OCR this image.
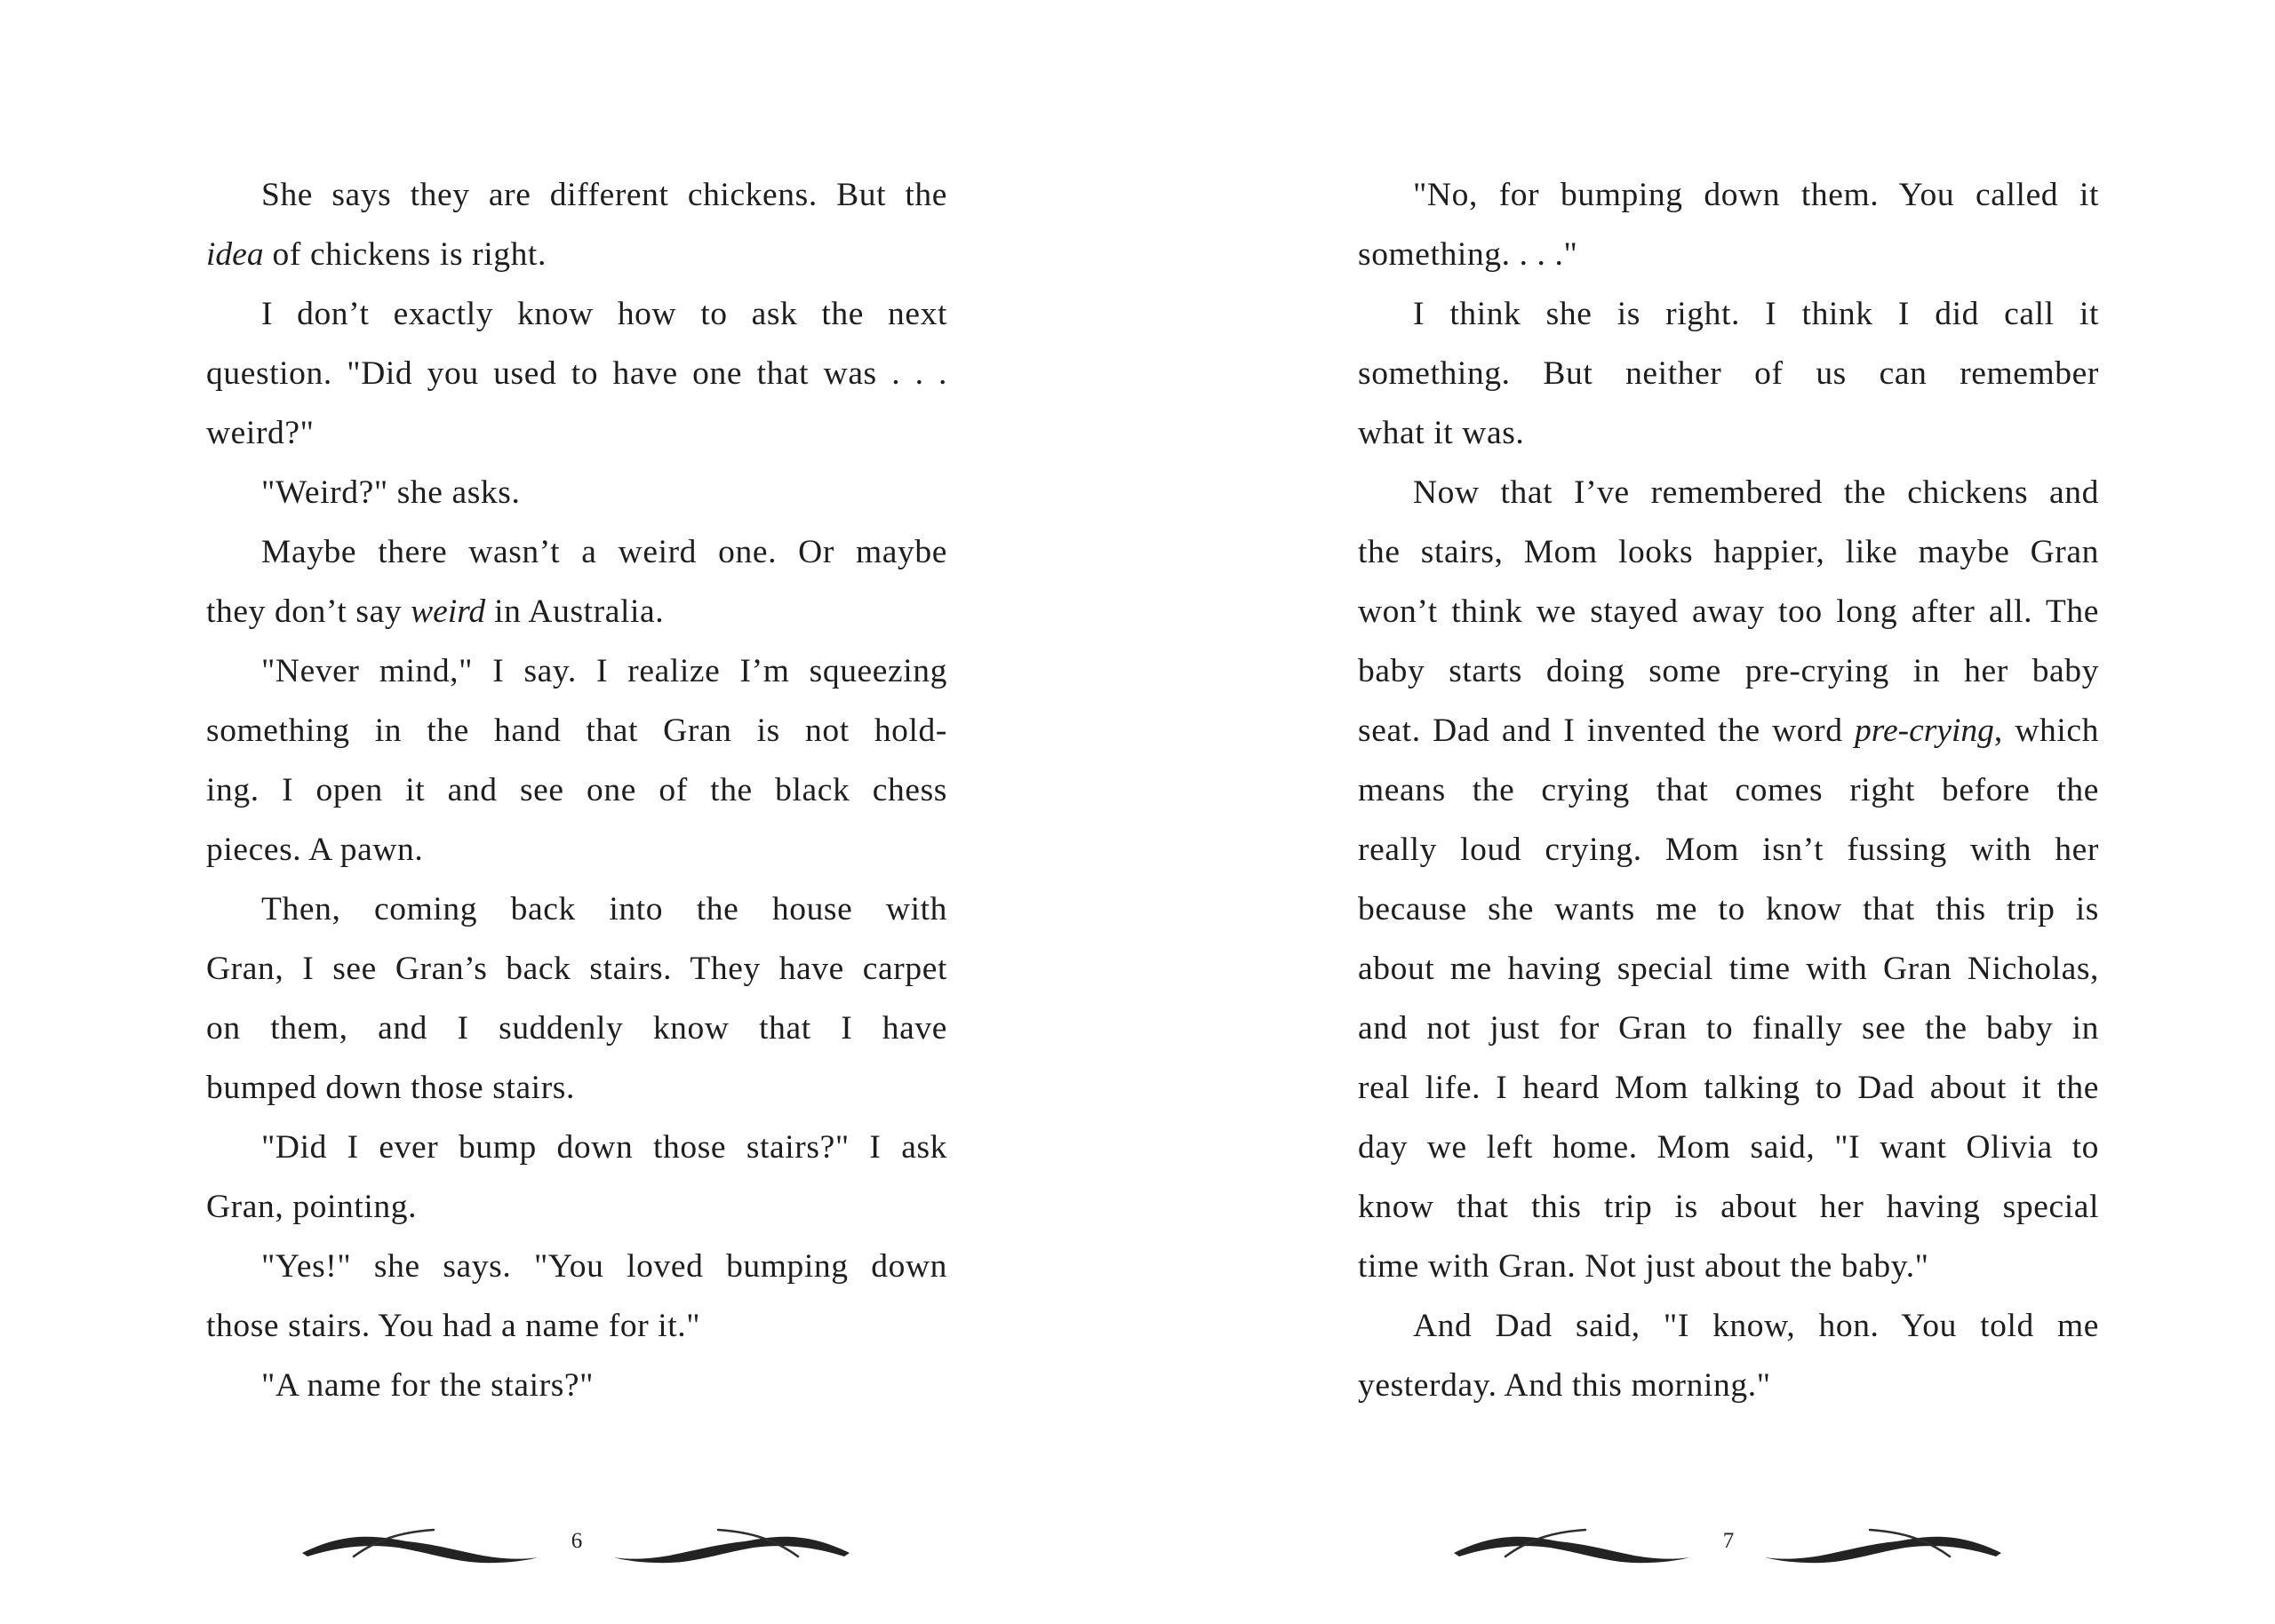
She says they are different chickens. But the
idea of chickens is right.
I don’t exactly know how to ask the next
question. "Did you used to have one that was . . .
weird?"
"Weird?" she asks.
Maybe there wasn’t a weird one. Or maybe
they don’t say weird in Australia.
"Never mind," I say. I realize I’m squeezing
something in the hand that Gran is not hold-
ing. I open it and see one of the black chess
pieces. A pawn.
Then, coming back into the house with
Gran, I see Gran’s back stairs. They have carpet
on them, and I suddenly know that I have
bumped down those stairs.
"Did I ever bump down those stairs?" I ask
Gran, pointing.
"Yes!" she says. "You loved bumping down
those stairs. You had a name for it."
"A name for the stairs?"
6
"No, for bumping down them. You called it
something. . . ."
I think she is right. I think I did call it
something. But neither of us can remember
what it was.
Now that I’ve remembered the chickens and
the stairs, Mom looks happier, like maybe Gran
won’t think we stayed away too long after all. The
baby starts doing some pre-crying in her baby
seat. Dad and I invented the word pre-crying, which
means the crying that comes right before the
really loud crying. Mom isn’t fussing with her
because she wants me to know that this trip is
about me having special time with Gran Nicholas,
and not just for Gran to finally see the baby in
real life. I heard Mom talking to Dad about it the
day we left home. Mom said, "I want Olivia to
know that this trip is about her having special
time with Gran. Not just about the baby."
And Dad said, "I know, hon. You told me
yesterday. And this morning."
7
